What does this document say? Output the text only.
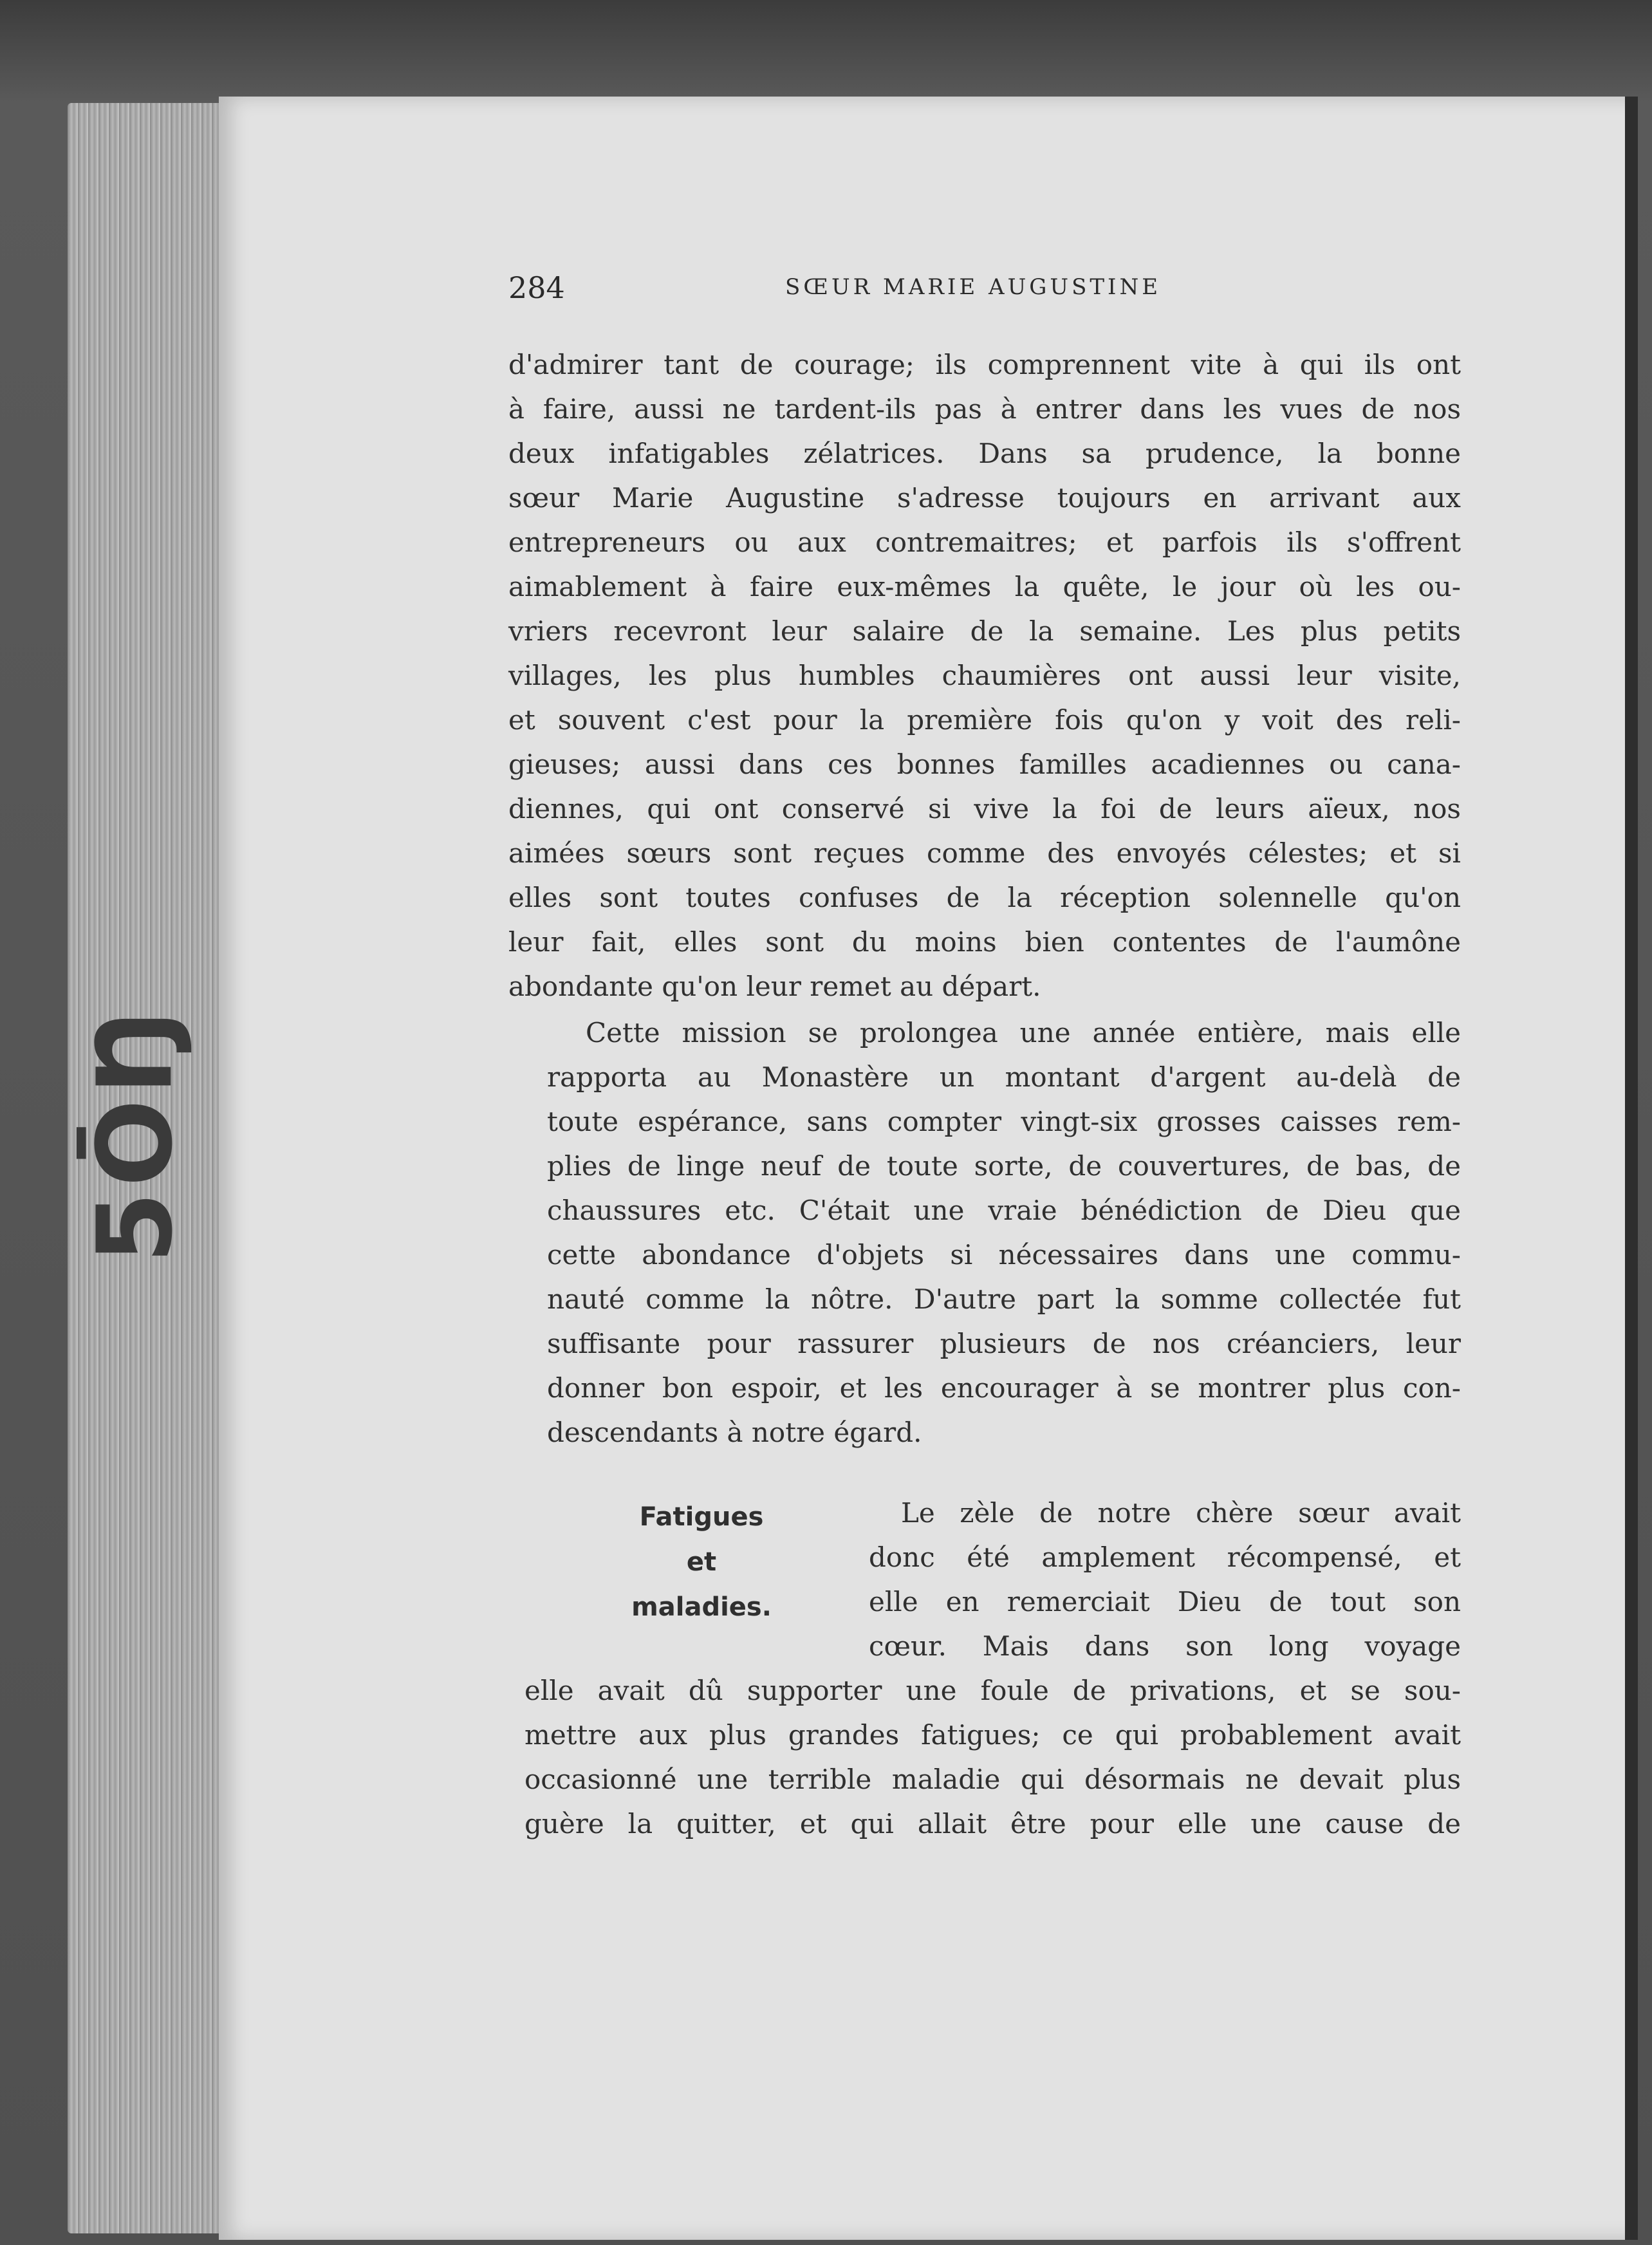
5ŌŊ
284	SŒUR MARIE AUGUSTINE
d'admirer tant de courage; ils comprennent vite à qui ils ont
à faire, aussi ne tardent-ils pas à entrer dans les vues de nos
deux infatigables zélatrices. Dans sa prudence, la bonne
sœur Marie Augustine s'adresse toujours en arrivant aux
entrepreneurs ou aux contremaitres; et parfois ils s'offrent
aimablement à faire eux-mêmes la quête, le jour où les ou-
vriers recevront leur salaire de la semaine. Les plus petits
villages, les plus humbles chaumières ont aussi leur visite,
et souvent c'est pour la première fois qu'on y voit des reli-
gieuses; aussi dans ces bonnes familles acadiennes ou cana-
diennes, qui ont conservé si vive la foi de leurs aïeux, nos
aimées sœurs sont reçues comme des envoyés célestes; et si
elles sont toutes confuses de la réception solennelle qu'on
leur fait, elles sont du moins bien contentes de l'aumône
abondante qu'on leur remet au départ.
Cette mission se prolongea une année entière, mais elle
rapporta au Monastère un montant d'argent au-delà de
toute espérance, sans compter vingt-six grosses caisses rem-
plies de linge neuf de toute sorte, de couvertures, de bas, de
chaussures etc. C'était une vraie bénédiction de Dieu que
cette abondance d'objets si nécessaires dans une commu-
nauté comme la nôtre. D'autre part la somme collectée fut
suffisante pour rassurer plusieurs de nos créanciers, leur
donner bon espoir, et les encourager à se montrer plus con-
descendants à notre égard.
Fatigues
et
maladies.
Le zèle de notre chère sœur avait
donc été amplement récompensé, et
elle en remerciait Dieu de tout son
cœur. Mais dans son long voyage
elle avait dû supporter une foule de privations, et se sou-
mettre aux plus grandes fatigues; ce qui probablement avait
occasionné une terrible maladie qui désormais ne devait plus
guère la quitter, et qui allait être pour elle une cause de
